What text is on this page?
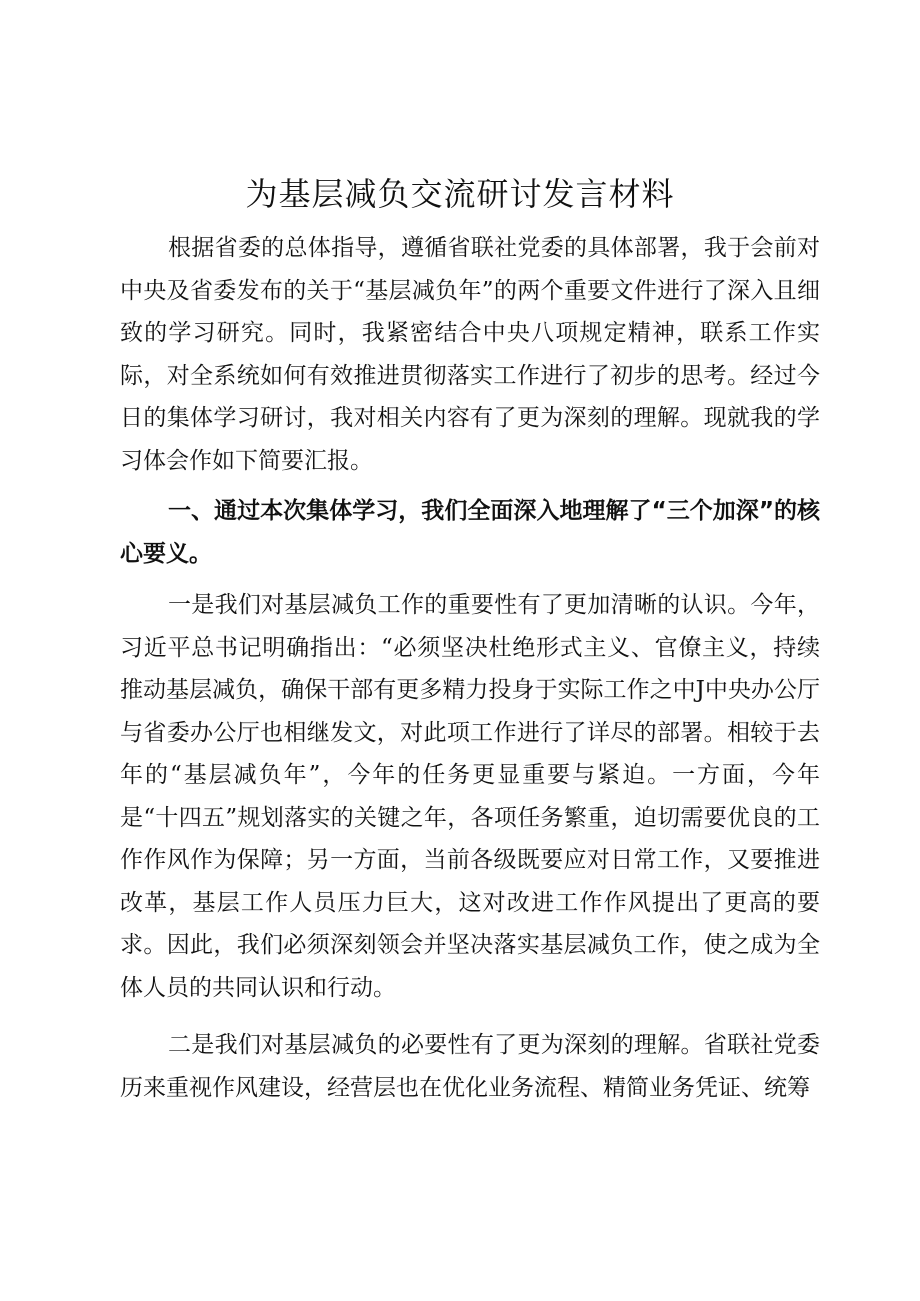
为基层减负交流研讨发言材料

根据省委的总体指导，遵循省联社党委的具体部署，我于会前对中央及省委发布的关于“基层减负年”的两个重要文件进行了深入且细致的学习研究。同时，我紧密结合中央八项规定精神，联系工作实际，对全系统如何有效推进贯彻落实工作进行了初步的思考。经过今日的集体学习研讨，我对相关内容有了更为深刻的理解。现就我的学习体会作如下简要汇报。

一、通过本次集体学习，我们全面深入地理解了“三个加深”的核心要义。

一是我们对基层减负工作的重要性有了更加清晰的认识。今年，习近平总书记明确指出：“必须坚决杜绝形式主义、官僚主义，持续推动基层减负，确保干部有更多精力投身于实际工作之中J中央办公厅与省委办公厅也相继发文，对此项工作进行了详尽的部署。相较于去年的“基层减负年”，今年的任务更显重要与紧迫。一方面，今年是“十四五”规划落实的关键之年，各项任务繁重，迫切需要优良的工作作风作为保障；另一方面，当前各级既要应对日常工作，又要推进改革，基层工作人员压力巨大，这对改进工作作风提出了更高的要求。因此，我们必须深刻领会并坚决落实基层减负工作，使之成为全体人员的共同认识和行动。

二是我们对基层减负的必要性有了更为深刻的理解。省联社党委历来重视作风建设，经营层也在优化业务流程、精简业务凭证、统筹
